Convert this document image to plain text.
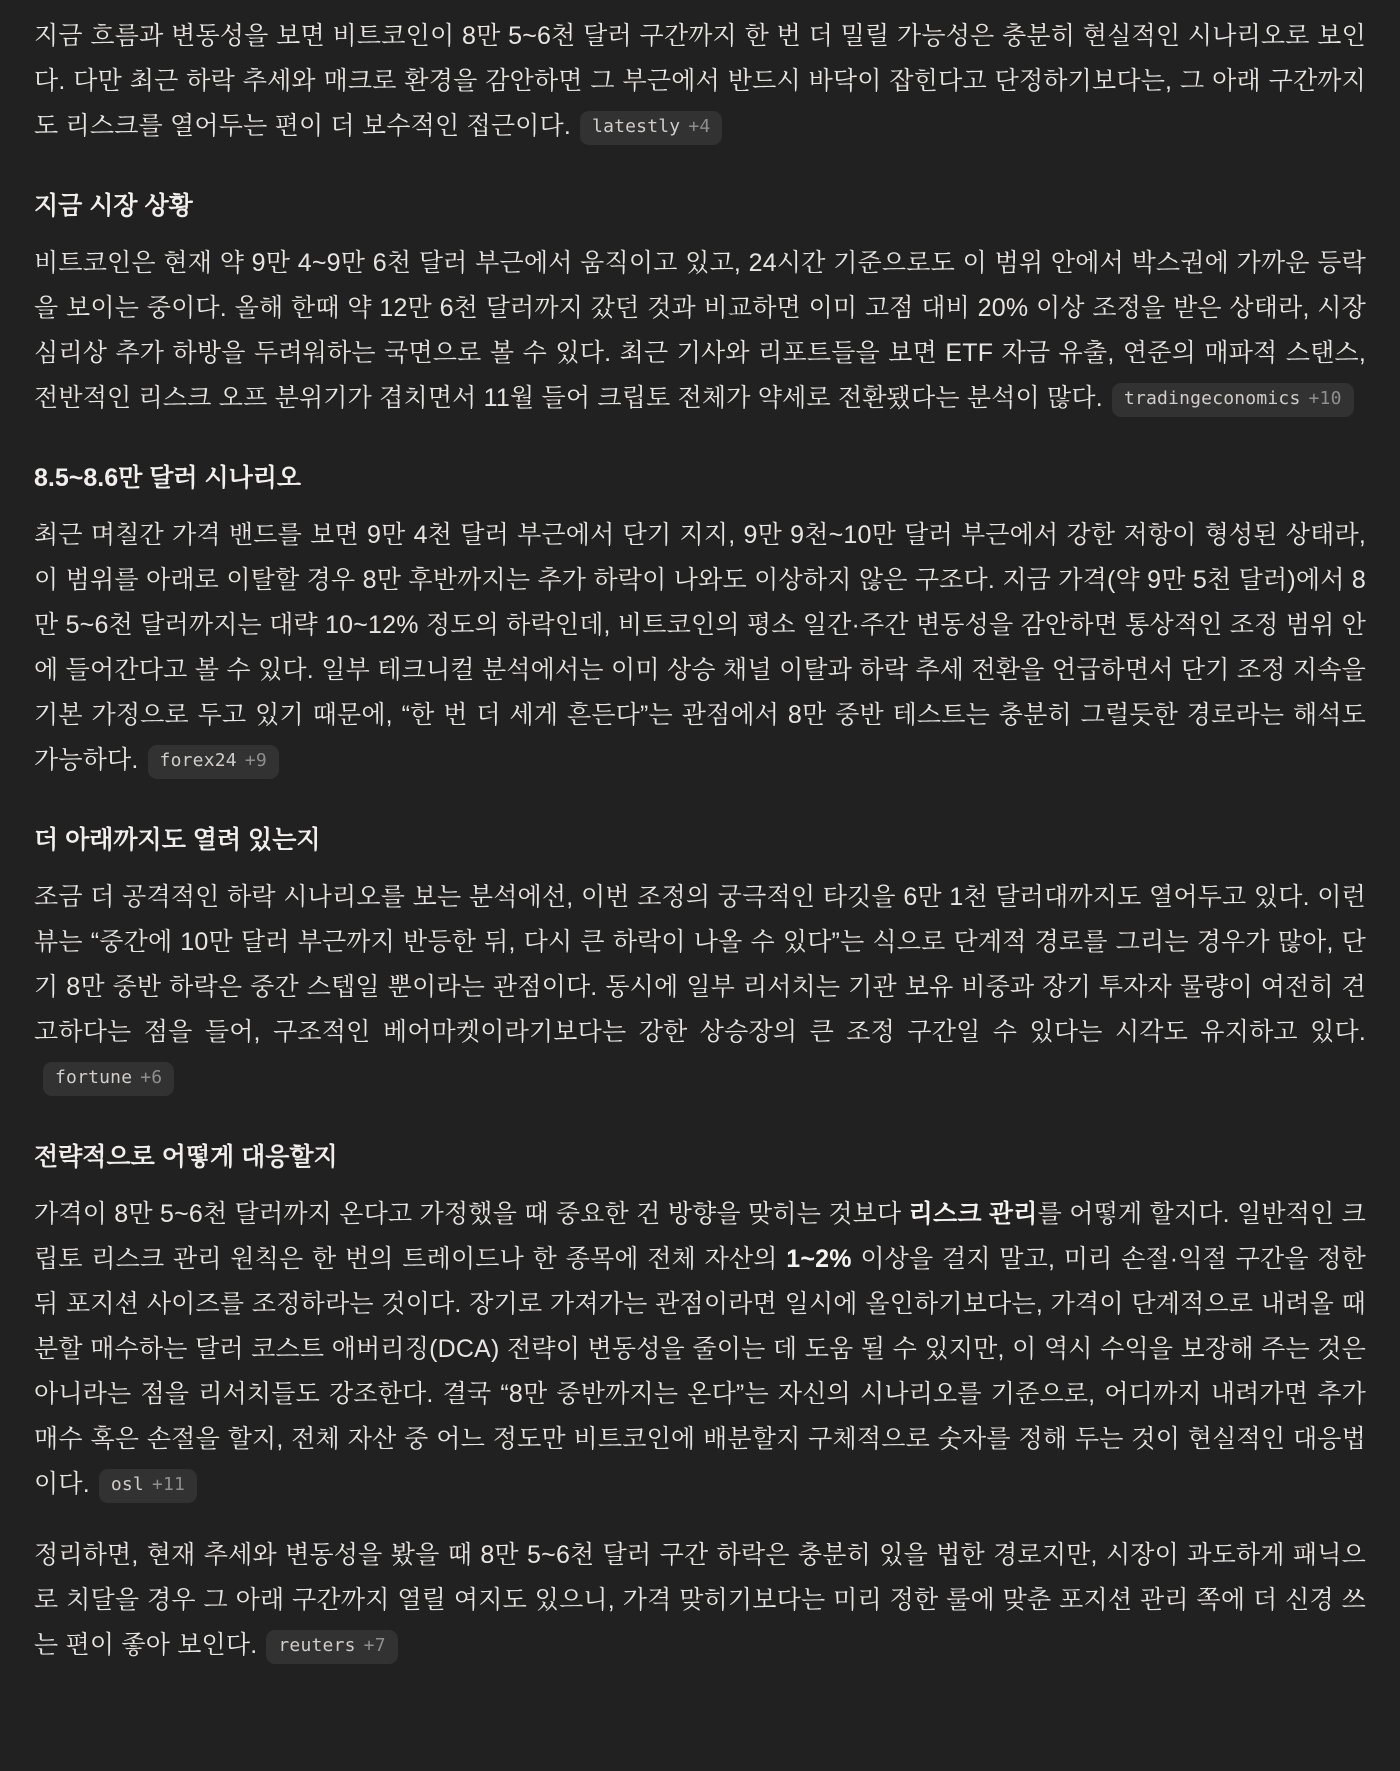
지금 흐름과 변동성을 보면 비트코인이 8만 5~6천 달러 구간까지 한 번 더 밀릴 가능성은 충분히 현실적인 시나리오로 보인다. 다만 최근 하락 추세와 매크로 환경을 감안하면 그 부근에서 반드시 바닥이 잡힌다고 단정하기보다는, 그 아래 구간까지도 리스크를 열어두는 편이 더 보수적인 접근이다. latestly +4

지금 시장 상황

비트코인은 현재 약 9만 4~9만 6천 달러 부근에서 움직이고 있고, 24시간 기준으로도 이 범위 안에서 박스권에 가까운 등락을 보이는 중이다. 올해 한때 약 12만 6천 달러까지 갔던 것과 비교하면 이미 고점 대비 20% 이상 조정을 받은 상태라, 시장 심리상 추가 하방을 두려워하는 국면으로 볼 수 있다. 최근 기사와 리포트들을 보면 ETF 자금 유출, 연준의 매파적 스탠스, 전반적인 리스크 오프 분위기가 겹치면서 11월 들어 크립토 전체가 약세로 전환됐다는 분석이 많다. tradingeconomics +10

8.5~8.6만 달러 시나리오

최근 며칠간 가격 밴드를 보면 9만 4천 달러 부근에서 단기 지지, 9만 9천~10만 달러 부근에서 강한 저항이 형성된 상태라, 이 범위를 아래로 이탈할 경우 8만 후반까지는 추가 하락이 나와도 이상하지 않은 구조다. 지금 가격(약 9만 5천 달러)에서 8만 5~6천 달러까지는 대략 10~12% 정도의 하락인데, 비트코인의 평소 일간·주간 변동성을 감안하면 통상적인 조정 범위 안에 들어간다고 볼 수 있다. 일부 테크니컬 분석에서는 이미 상승 채널 이탈과 하락 추세 전환을 언급하면서 단기 조정 지속을 기본 가정으로 두고 있기 때문에, “한 번 더 세게 흔든다”는 관점에서 8만 중반 테스트는 충분히 그럴듯한 경로라는 해석도 가능하다. forex24 +9

더 아래까지도 열려 있는지

조금 더 공격적인 하락 시나리오를 보는 분석에선, 이번 조정의 궁극적인 타깃을 6만 1천 달러대까지도 열어두고 있다. 이런 뷰는 “중간에 10만 달러 부근까지 반등한 뒤, 다시 큰 하락이 나올 수 있다”는 식으로 단계적 경로를 그리는 경우가 많아, 단기 8만 중반 하락은 중간 스텝일 뿐이라는 관점이다. 동시에 일부 리서치는 기관 보유 비중과 장기 투자자 물량이 여전히 견고하다는 점을 들어, 구조적인 베어마켓이라기보다는 강한 상승장의 큰 조정 구간일 수 있다는 시각도 유지하고 있다.
fortune +6

전략적으로 어떻게 대응할지

가격이 8만 5~6천 달러까지 온다고 가정했을 때 중요한 건 방향을 맞히는 것보다 리스크 관리를 어떻게 할지다. 일반적인 크립토 리스크 관리 원칙은 한 번의 트레이드나 한 종목에 전체 자산의 1~2% 이상을 걸지 말고, 미리 손절·익절 구간을 정한 뒤 포지션 사이즈를 조정하라는 것이다. 장기로 가져가는 관점이라면 일시에 올인하기보다는, 가격이 단계적으로 내려올 때 분할 매수하는 달러 코스트 애버리징(DCA) 전략이 변동성을 줄이는 데 도움 될 수 있지만, 이 역시 수익을 보장해 주는 것은 아니라는 점을 리서치들도 강조한다. 결국 “8만 중반까지는 온다”는 자신의 시나리오를 기준으로, 어디까지 내려가면 추가 매수 혹은 손절을 할지, 전체 자산 중 어느 정도만 비트코인에 배분할지 구체적으로 숫자를 정해 두는 것이 현실적인 대응법이다. osl +11

정리하면, 현재 추세와 변동성을 봤을 때 8만 5~6천 달러 구간 하락은 충분히 있을 법한 경로지만, 시장이 과도하게 패닉으로 치달을 경우 그 아래 구간까지 열릴 여지도 있으니, 가격 맞히기보다는 미리 정한 룰에 맞춘 포지션 관리 쪽에 더 신경 쓰는 편이 좋아 보인다. reuters +7
